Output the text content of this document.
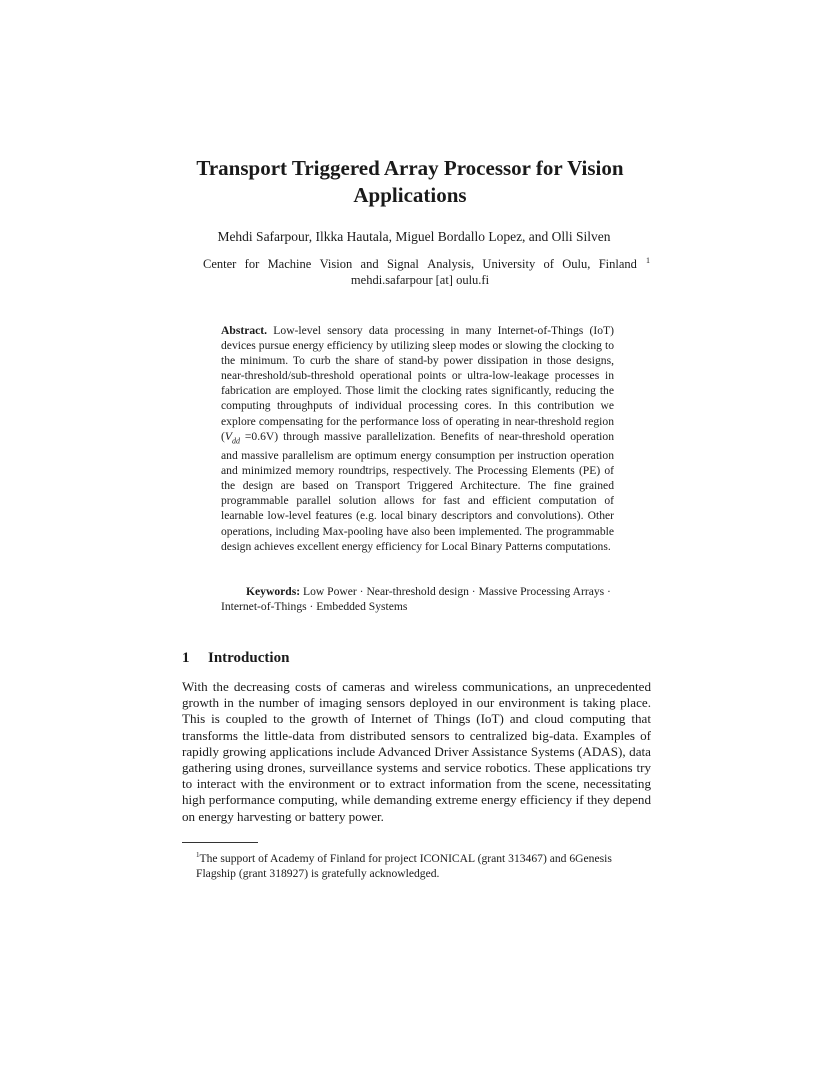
Transport Triggered Array Processor for Vision Applications
Mehdi Safarpour, Ilkka Hautala, Miguel Bordallo Lopez, and Olli Silven
Center for Machine Vision and Signal Analysis, University of Oulu, Finland
mehdi.safarpour [at] oulu.fi
1
Abstract. Low-level sensory data processing in many Internet-of-Things (IoT) devices pursue energy efficiency by utilizing sleep modes or slowing the clocking to the minimum. To curb the share of stand-by power dissipation in those designs, near-threshold/sub-threshold operational points or ultra-low-leakage processes in fabrication are employed. Those limit the clocking rates significantly, reducing the computing throughputs of individual processing cores. In this contribution we explore compensating for the performance loss of operating in near-threshold region $(V_{dd} =0.6V)$ through massive parallelization. Benefits of near-threshold operation and massive parallelism are optimum energy consumption per instruction operation and minimized memory roundtrips, respectively. The Processing Elements (PE) of the design are based on Transport Triggered Architecture. The fine grained programmable parallel solution allows for fast and efficient computation of learnable low-level features (e.g. local binary descriptors and convolutions). Other operations, including Max-pooling have also been implemented. The programmable design achieves excellent energy efficiency for Local Binary Patterns computations.
Keywords: Low Power · Near-threshold design · Massive Processing Arrays · Internet-of-Things · Embedded Systems
1 Introduction
With the decreasing costs of cameras and wireless communications, an unprecedented growth in the number of imaging sensors deployed in our environment is taking place. This is coupled to the growth of Internet of Things (IoT) and cloud computing that transforms the little-data from distributed sensors to centralized big-data. Examples of rapidly growing applications include Advanced Driver Assistance Systems (ADAS), data gathering using drones, surveillance systems and service robotics. These applications try to interact with the environment or to extract information from the scene, necessitating high performance computing, while demanding extreme energy efficiency if they depend on energy harvesting or battery power.
$^1$The support of Academy of Finland for project ICONICAL (grant 313467) and 6Genesis Flagship (grant 318927) is gratefully acknowledged.
